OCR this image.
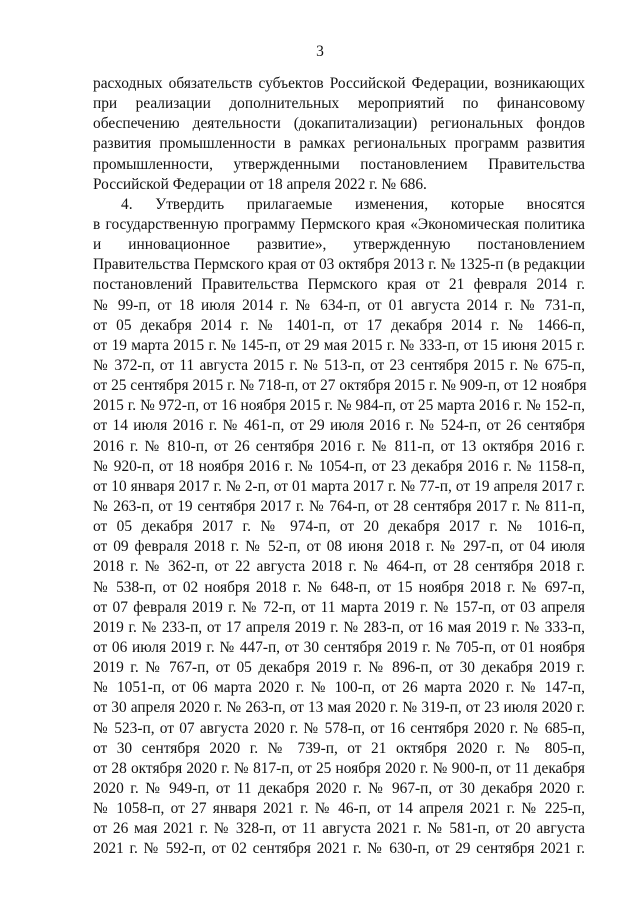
3
расходных обязательств субъектов Российской Федерации, возникающих
при реализации дополнительных мероприятий по финансовому
обеспечению деятельности (докапитализации) региональных фондов
развития промышленности в рамках региональных программ развития
промышленности, утвержденными постановлением Правительства
Российской Федерации от 18 апреля 2022 г. № 686.
4. Утвердить прилагаемые изменения, которые вносятся
в государственную программу Пермского края «Экономическая политика
и инновационное развитие», утвержденную постановлением
Правительства Пермского края от 03 октября 2013 г. № 1325-п (в редакции
постановлений Правительства Пермского края от 21 февраля 2014 г.
№ 99-п, от 18 июля 2014 г. № 634-п, от 01 августа 2014 г. № 731-п,
от 05 декабря 2014 г. № 1401-п, от 17 декабря 2014 г. № 1466-п,
от 19 марта 2015 г. № 145-п, от 29 мая 2015 г. № 333-п, от 15 июня 2015 г.
№ 372-п, от 11 августа 2015 г. № 513-п, от 23 сентября 2015 г. № 675-п,
от 25 сентября 2015 г. № 718-п, от 27 октября 2015 г. № 909-п, от 12 ноября
2015 г. № 972-п, от 16 ноября 2015 г. № 984-п, от 25 марта 2016 г. № 152-п,
от 14 июля 2016 г. № 461-п, от 29 июля 2016 г. № 524-п, от 26 сентября
2016 г. № 810-п, от 26 сентября 2016 г. № 811-п, от 13 октября 2016 г.
№ 920-п, от 18 ноября 2016 г. № 1054-п, от 23 декабря 2016 г. № 1158-п,
от 10 января 2017 г. № 2-п, от 01 марта 2017 г. № 77-п, от 19 апреля 2017 г.
№ 263-п, от 19 сентября 2017 г. № 764-п, от 28 сентября 2017 г. № 811-п,
от 05 декабря 2017 г. № 974-п, от 20 декабря 2017 г. № 1016-п,
от 09 февраля 2018 г. № 52-п, от 08 июня 2018 г. № 297-п, от 04 июля
2018 г. № 362-п, от 22 августа 2018 г. № 464-п, от 28 сентября 2018 г.
№ 538-п, от 02 ноября 2018 г. № 648-п, от 15 ноября 2018 г. № 697-п,
от 07 февраля 2019 г. № 72-п, от 11 марта 2019 г. № 157-п, от 03 апреля
2019 г. № 233-п, от 17 апреля 2019 г. № 283-п, от 16 мая 2019 г. № 333-п,
от 06 июля 2019 г. № 447-п, от 30 сентября 2019 г. № 705-п, от 01 ноября
2019 г. № 767-п, от 05 декабря 2019 г. № 896-п, от 30 декабря 2019 г.
№ 1051-п, от 06 марта 2020 г. № 100-п, от 26 марта 2020 г. № 147-п,
от 30 апреля 2020 г. № 263-п, от 13 мая 2020 г. № 319-п, от 23 июля 2020 г.
№ 523-п, от 07 августа 2020 г. № 578-п, от 16 сентября 2020 г. № 685-п,
от 30 сентября 2020 г. № 739-п, от 21 октября 2020 г. № 805-п,
от 28 октября 2020 г. № 817-п, от 25 ноября 2020 г. № 900-п, от 11 декабря
2020 г. № 949-п, от 11 декабря 2020 г. № 967-п, от 30 декабря 2020 г.
№ 1058-п, от 27 января 2021 г. № 46-п, от 14 апреля 2021 г. № 225-п,
от 26 мая 2021 г. № 328-п, от 11 августа 2021 г. № 581-п, от 20 августа
2021 г. № 592-п, от 02 сентября 2021 г. № 630-п, от 29 сентября 2021 г.
